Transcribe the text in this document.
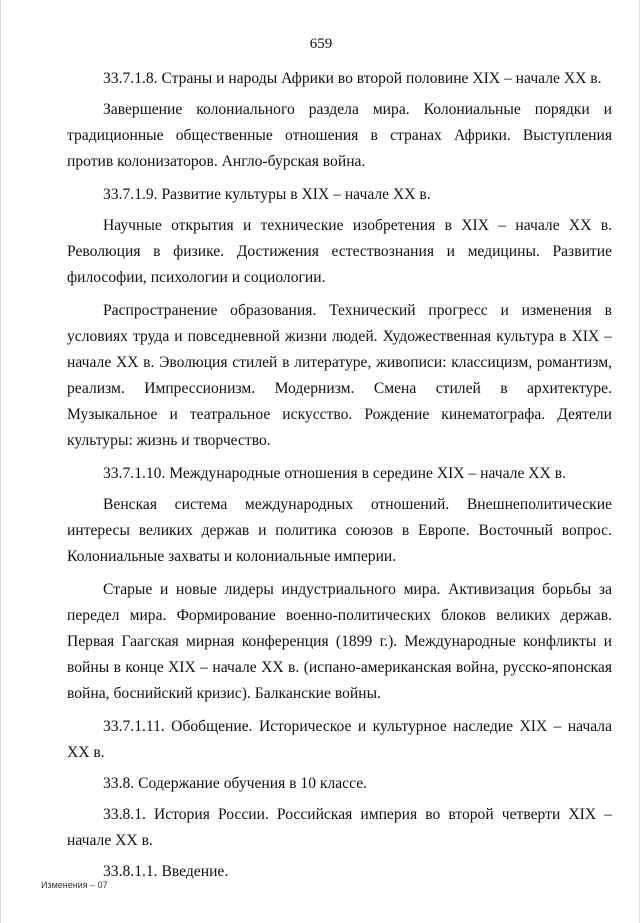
659

33.7.1.8. Страны и народы Африки во второй половине XIX – начале XX в.

Завершение колониального раздела мира. Колониальные порядки и традиционные общественные отношения в странах Африки. Выступления против колонизаторов. Англо-бурская война.

33.7.1.9. Развитие культуры в XIX – начале XX в.

Научные открытия и технические изобретения в XIX – начале XX в. Революция в физике. Достижения естествознания и медицины. Развитие философии, психологии и социологии.

Распространение образования. Технический прогресс и изменения в условиях труда и повседневной жизни людей. Художественная культура в XIX – начале XX в. Эволюция стилей в литературе, живописи: классицизм, романтизм, реализм. Импрессионизм. Модернизм. Смена стилей в архитектуре. Музыкальное и театральное искусство. Рождение кинематографа. Деятели культуры: жизнь и творчество.

33.7.1.10. Международные отношения в середине XIX – начале XX в.

Венская система международных отношений. Внешнеполитические интересы великих держав и политика союзов в Европе. Восточный вопрос. Колониальные захваты и колониальные империи.

Старые и новые лидеры индустриального мира. Активизация борьбы за передел мира. Формирование военно-политических блоков великих держав. Первая Гаагская мирная конференция (1899 г.). Международные конфликты и войны в конце XIX – начале XX в. (испано-американская война, русско-японская война, боснийский кризис). Балканские войны.

33.7.1.11. Обобщение. Историческое и культурное наследие XIX – начала XX в.

33.8. Содержание обучения в 10 классе.

33.8.1. История России. Российская империя во второй четверти XIX – начале XX в.

33.8.1.1. Введение.

Изменения – 07
